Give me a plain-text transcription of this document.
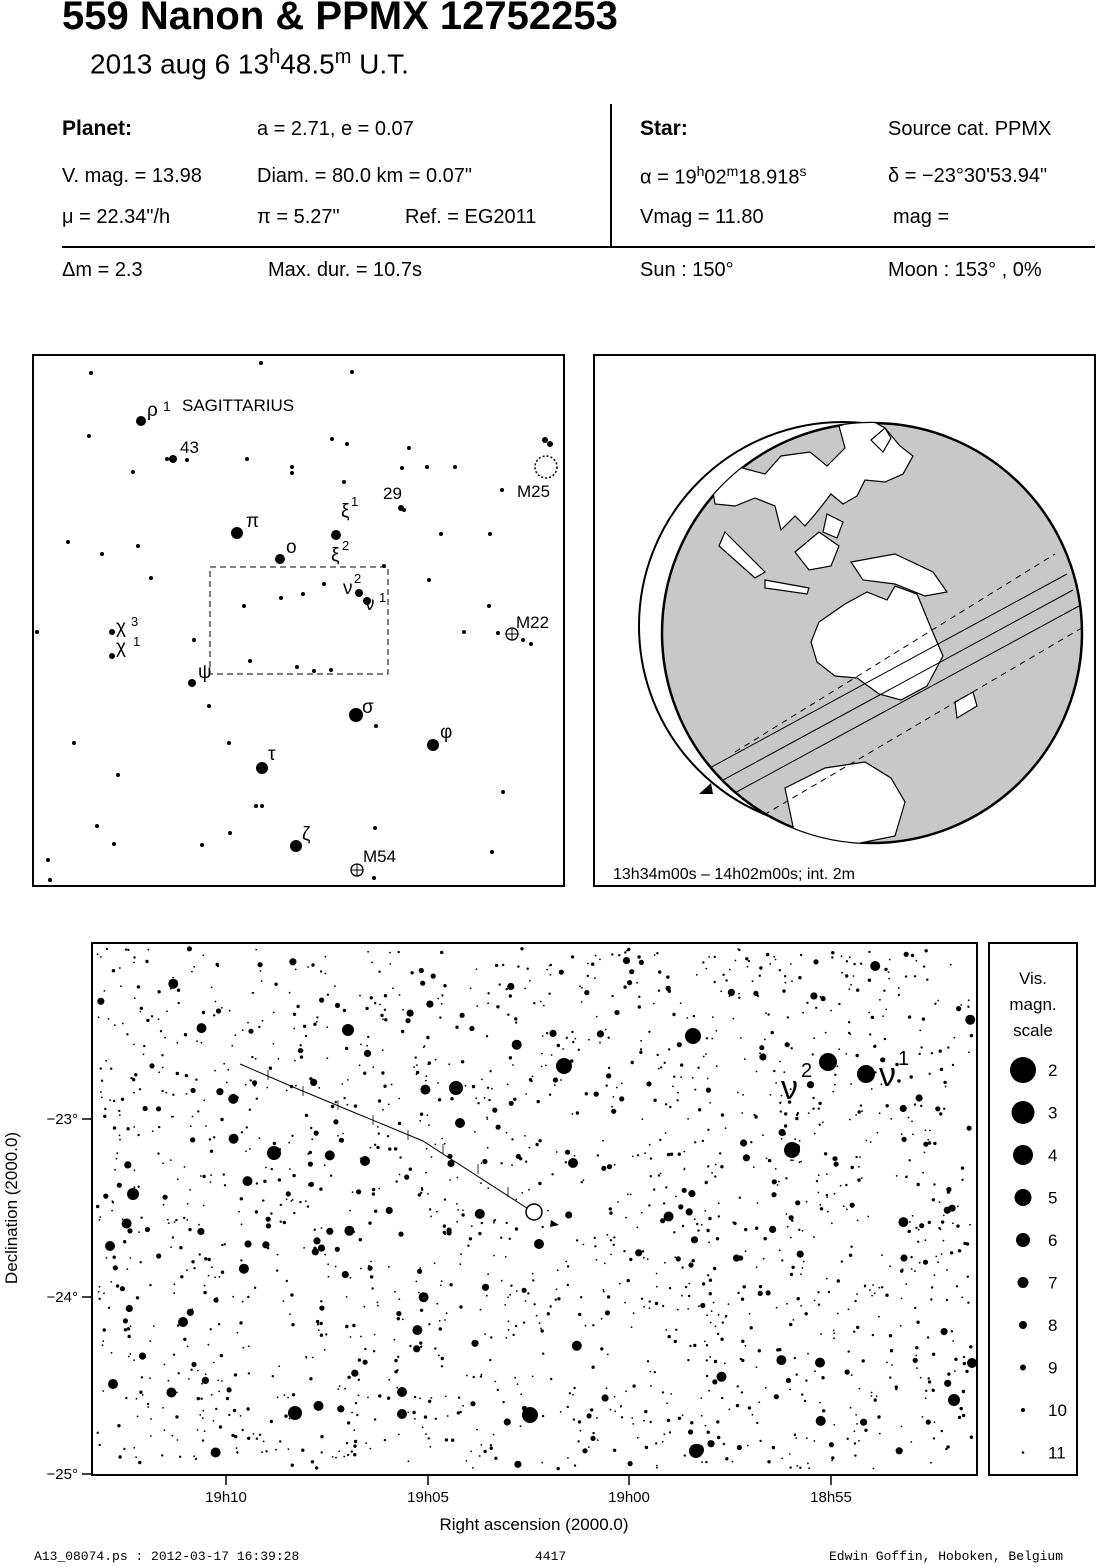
559 Nanon & PPMX 12752253
2013 aug 6 13$^h$48.5$^m$ U.T.
Planet:	a = 2.71, e = 0.07
V. mag. = 13.98	Diam. = 80.0 km = 0.07"
μ = 22.34"/h	π = 5.27"	Ref. = EG2011
Star:	Source cat. PPMX
$\alpha = 19^h02^m18.918^s$	δ = −23°30'53.94"
Vmag = 11.80	mag =
Δm = 2.3	Max. dur. = 10.7s	Sun : 150°	Moon : 153° , 0%
ρ 1 SAGITTARIUS
43
29	M25
π
o
ξ 1
ξ 2
ν 2
ν 1
M22
χ 3
χ 1
ψ
σ
φ
τ
ζ
M54
13h34m00s – 14h02m00s; int. 2m
ν 2 ν 1
−23°
−24°
−25°
19h10	19h05	19h00	18h55
Right ascension (2000.0)
Declination (2000.0)
Vis.
magn.
scale
2
3
4
5
6
7
8
9
10
11
A13_08074.ps : 2012-03-17 16:39:28	4417	Edwin Goffin, Hoboken, Belgium
